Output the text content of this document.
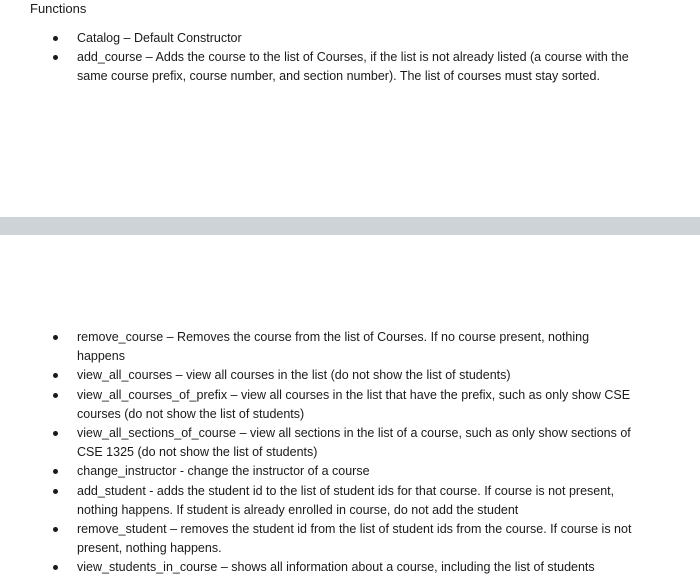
Functions
Catalog – Default Constructor
add_course – Adds the course to the list of Courses, if the list is not already listed (a course with the same course prefix, course number, and section number). The list of courses must stay sorted.
remove_course – Removes the course from the list of Courses. If no course present, nothing happens
view_all_courses – view all courses in the list (do not show the list of students)
view_all_courses_of_prefix – view all courses in the list that have the prefix, such as only show CSE courses (do not show the list of students)
view_all_sections_of_course – view all sections in the list of a course, such as only show sections of CSE 1325 (do not show the list of students)
change_instructor - change the instructor of a course
add_student - adds the student id to the list of student ids for that course. If course is not present, nothing happens. If student is already enrolled in course, do not add the student
remove_student – removes the student id from the list of student ids from the course. If course is not present, nothing happens.
view_students_in_course – shows all information about a course, including the list of students
